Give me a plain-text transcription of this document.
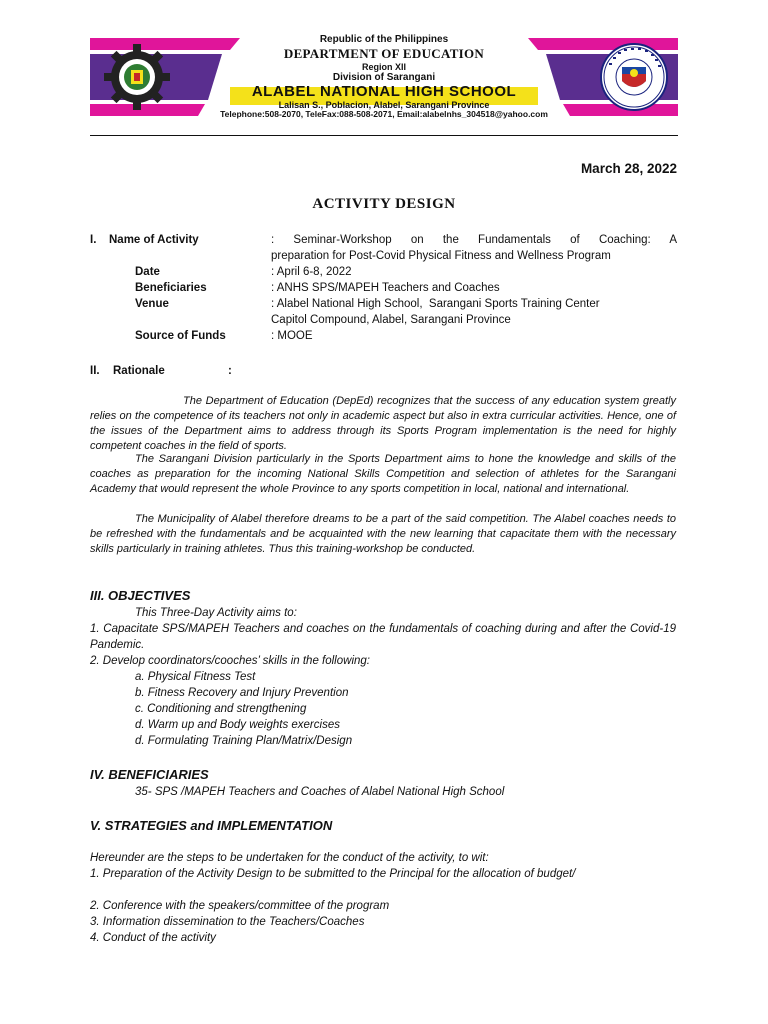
Republic of the Philippines
DEPARTMENT OF EDUCATION
Region XII
Division of Sarangani
ALABEL NATIONAL HIGH SCHOOL
Lalisan S., Poblacion, Alabel, Sarangani Province
Telephone:508-2070, TeleFax:088-508-2071, Email:alabelnhs_304518@yahoo.com
March 28, 2022
ACTIVITY DESIGN
I. Name of Activity	: Seminar-Workshop on the Fundamentals of Coaching: A
preparation for Post-Covid Physical Fitness and Wellness Program
Date	: April 6-8, 2022
Beneficiaries	: ANHS SPS/MAPEH Teachers and Coaches
Venue	: Alabel National High School,  Sarangani Sports Training Center
Capitol Compound, Alabel, Sarangani Province
Source of Funds	: MOOE
II. Rationale	:
The Department of Education (DepEd) recognizes that the success of any education system greatly relies on the competence of its teachers not only in academic aspect but also in extra curricular activities. Hence, one of the issues of the Department aims to address through its Sports Program implementation is the need for highly competent coaches in the field of sports.
The Sarangani Division particularly in the Sports Department aims to hone the knowledge and skills of the coaches as preparation for the incoming National Skills Competition and selection of athletes for the Sarangani Academy that would represent the whole Province to any sports competition in local, national and international.
The Municipality of Alabel therefore dreams to be a part of the said competition. The Alabel coaches needs to be refreshed with the fundamentals and be acquainted with the new learning that capacitate them with the necessary skills particularly in training athletes. Thus this training-workshop be conducted.
III. OBJECTIVES
This Three-Day Activity aims to:
1. Capacitate SPS/MAPEH Teachers and coaches on the fundamentals of coaching during and after the Covid-19 Pandemic.
2. Develop coordinators/cooches’ skills in the following:
a. Physical Fitness Test
b. Fitness Recovery and Injury Prevention
c. Conditioning and strengthening
d. Warm up and Body weights exercises
d. Formulating Training Plan/Matrix/Design
IV. BENEFICIARIES
35- SPS /MAPEH Teachers and Coaches of Alabel National High School
V. STRATEGIES and IMPLEMENTATION
Hereunder are the steps to be undertaken for the conduct of the activity, to wit:
1. Preparation of the Activity Design to be submitted to the Principal for the allocation of budget/
2. Conference with the speakers/committee of the program
3. Information dissemination to the Teachers/Coaches
4. Conduct of the activity
